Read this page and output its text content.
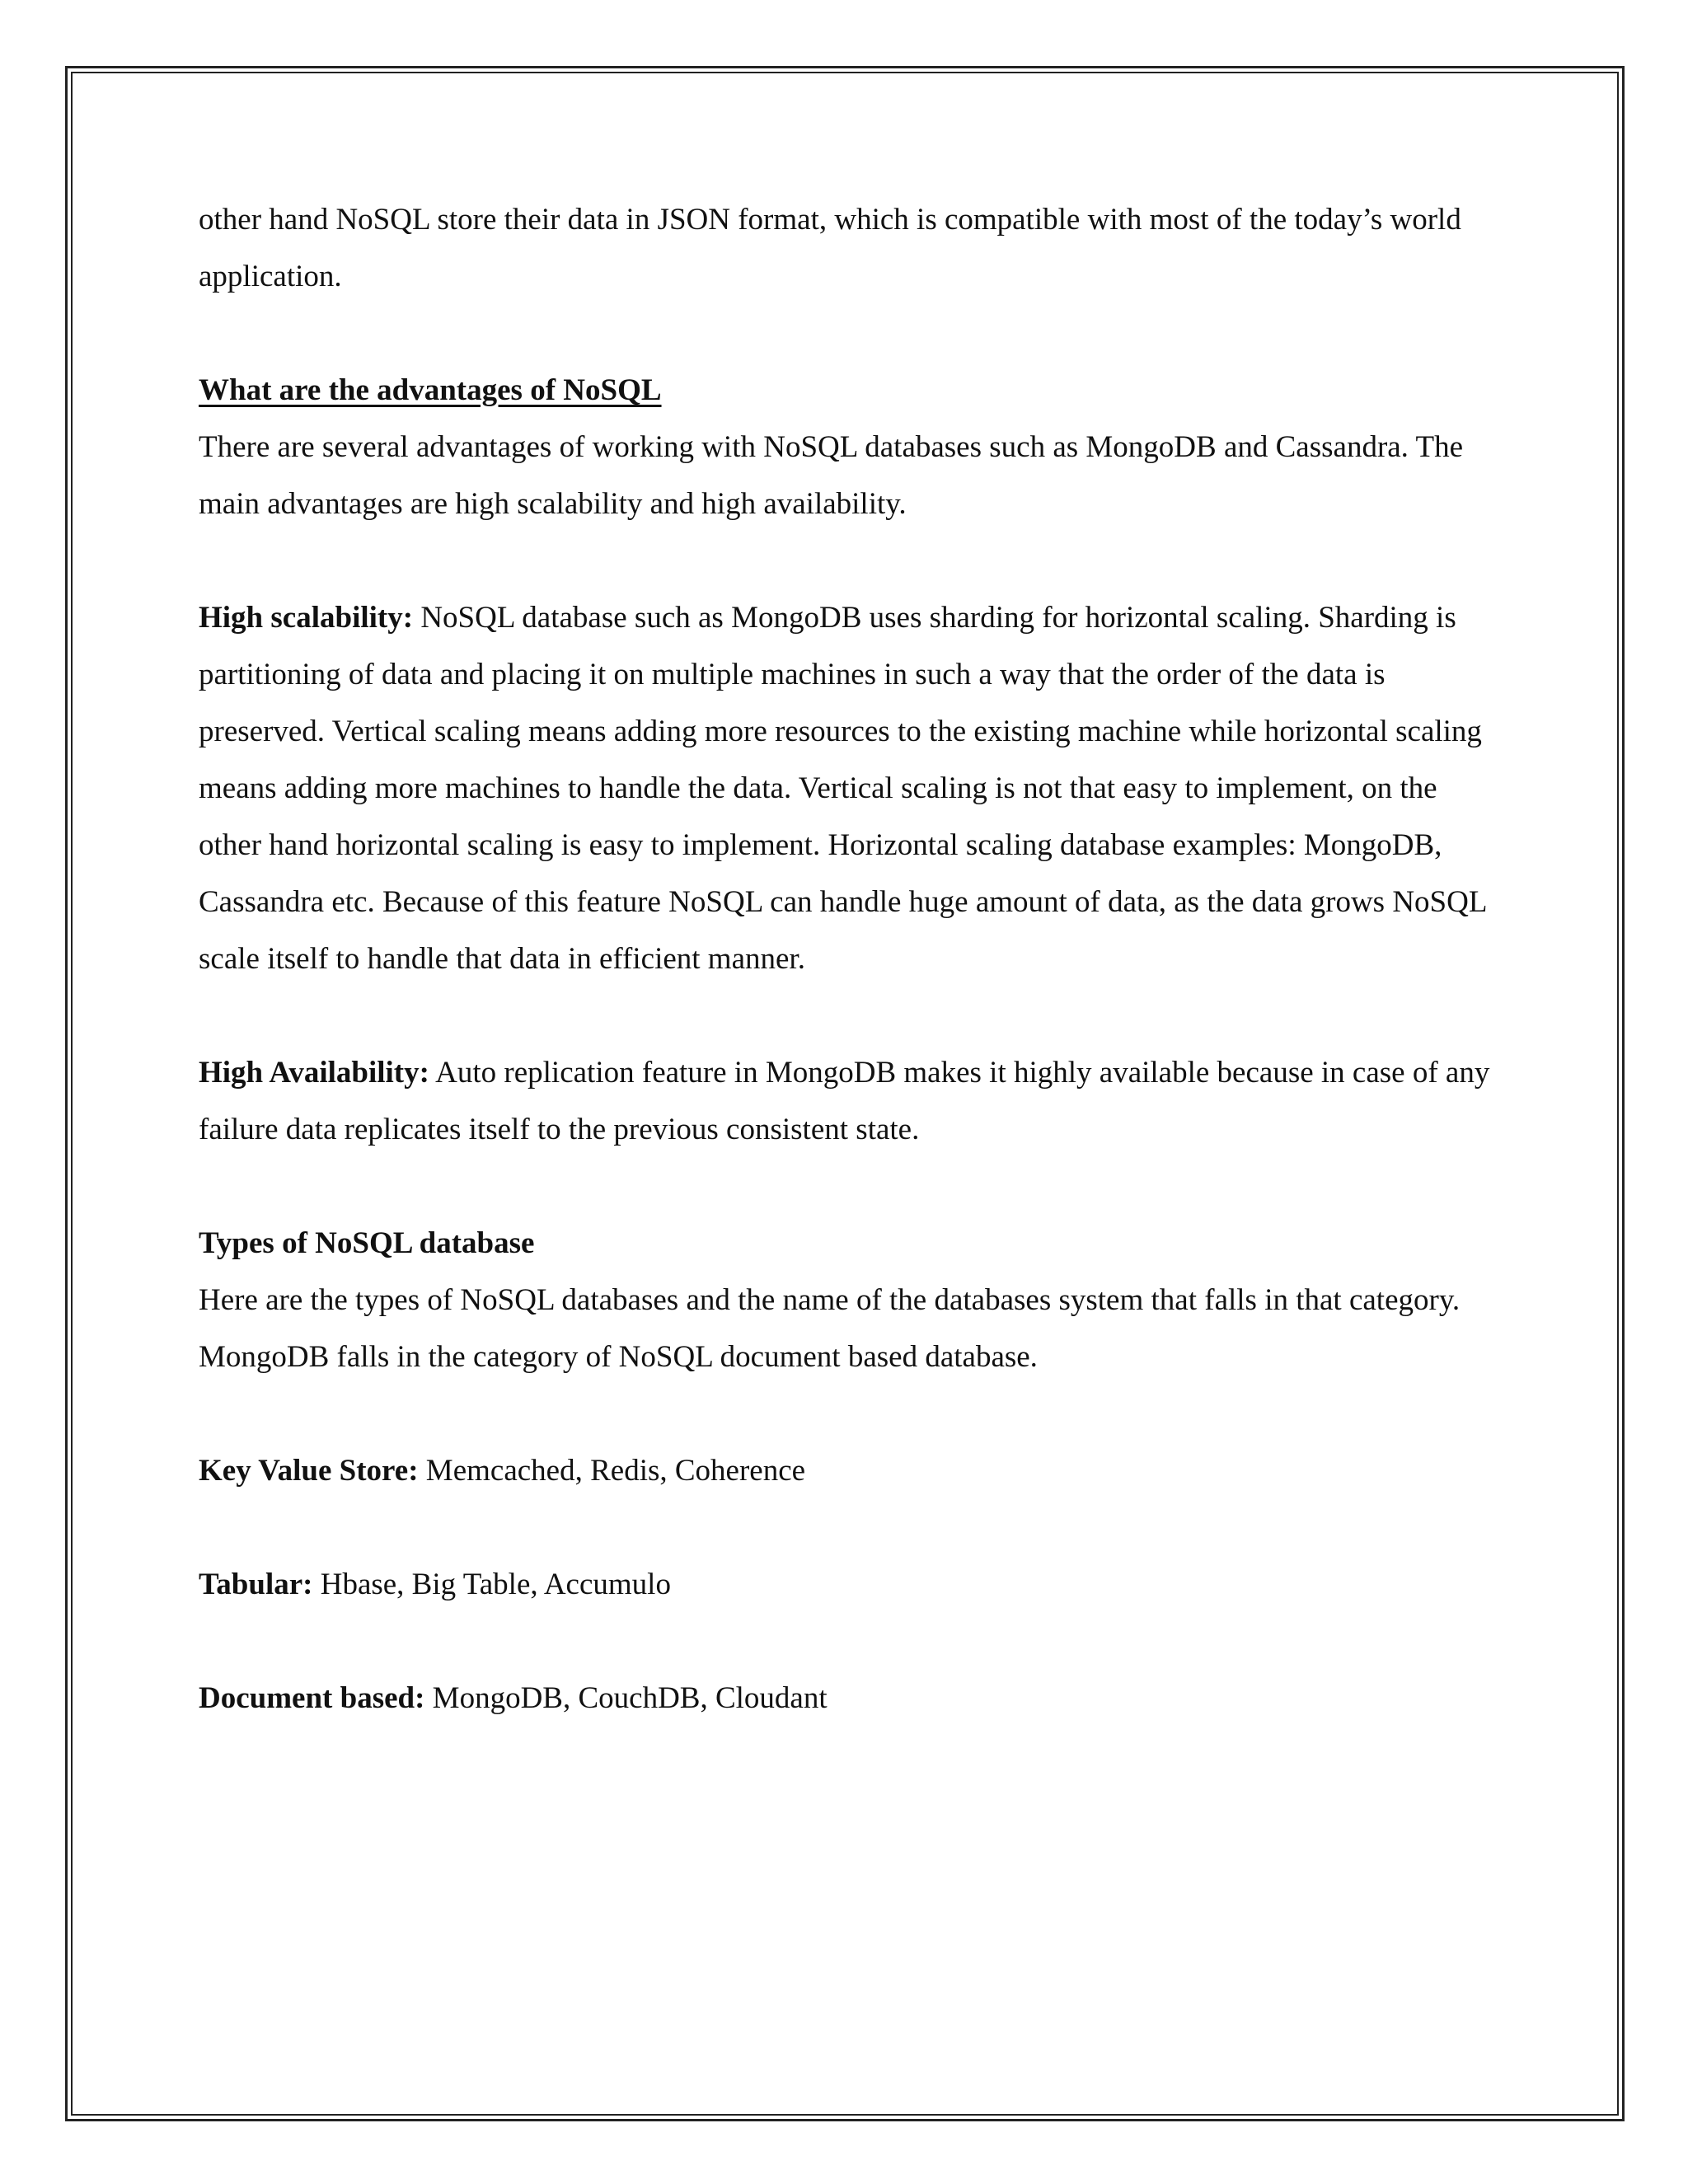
other hand NoSQL store their data in JSON format, which is compatible with most of the today’s world application.

What are the advantages of NoSQL

There are several advantages of working with NoSQL databases such as MongoDB and Cassandra. The main advantages are high scalability and high availability.

High scalability: NoSQL database such as MongoDB uses sharding for horizontal scaling. Sharding is partitioning of data and placing it on multiple machines in such a way that the order of the data is preserved. Vertical scaling means adding more resources to the existing machine while horizontal scaling means adding more machines to handle the data. Vertical scaling is not that easy to implement, on the other hand horizontal scaling is easy to implement. Horizontal scaling database examples: MongoDB, Cassandra etc. Because of this feature NoSQL can handle huge amount of data, as the data grows NoSQL scale itself to handle that data in efficient manner.

High Availability: Auto replication feature in MongoDB makes it highly available because in case of any failure data replicates itself to the previous consistent state.

Types of NoSQL database

Here are the types of NoSQL databases and the name of the databases system that falls in that category. MongoDB falls in the category of NoSQL document based database.

Key Value Store: Memcached, Redis, Coherence

Tabular: Hbase, Big Table, Accumulo

Document based: MongoDB, CouchDB, Cloudant
